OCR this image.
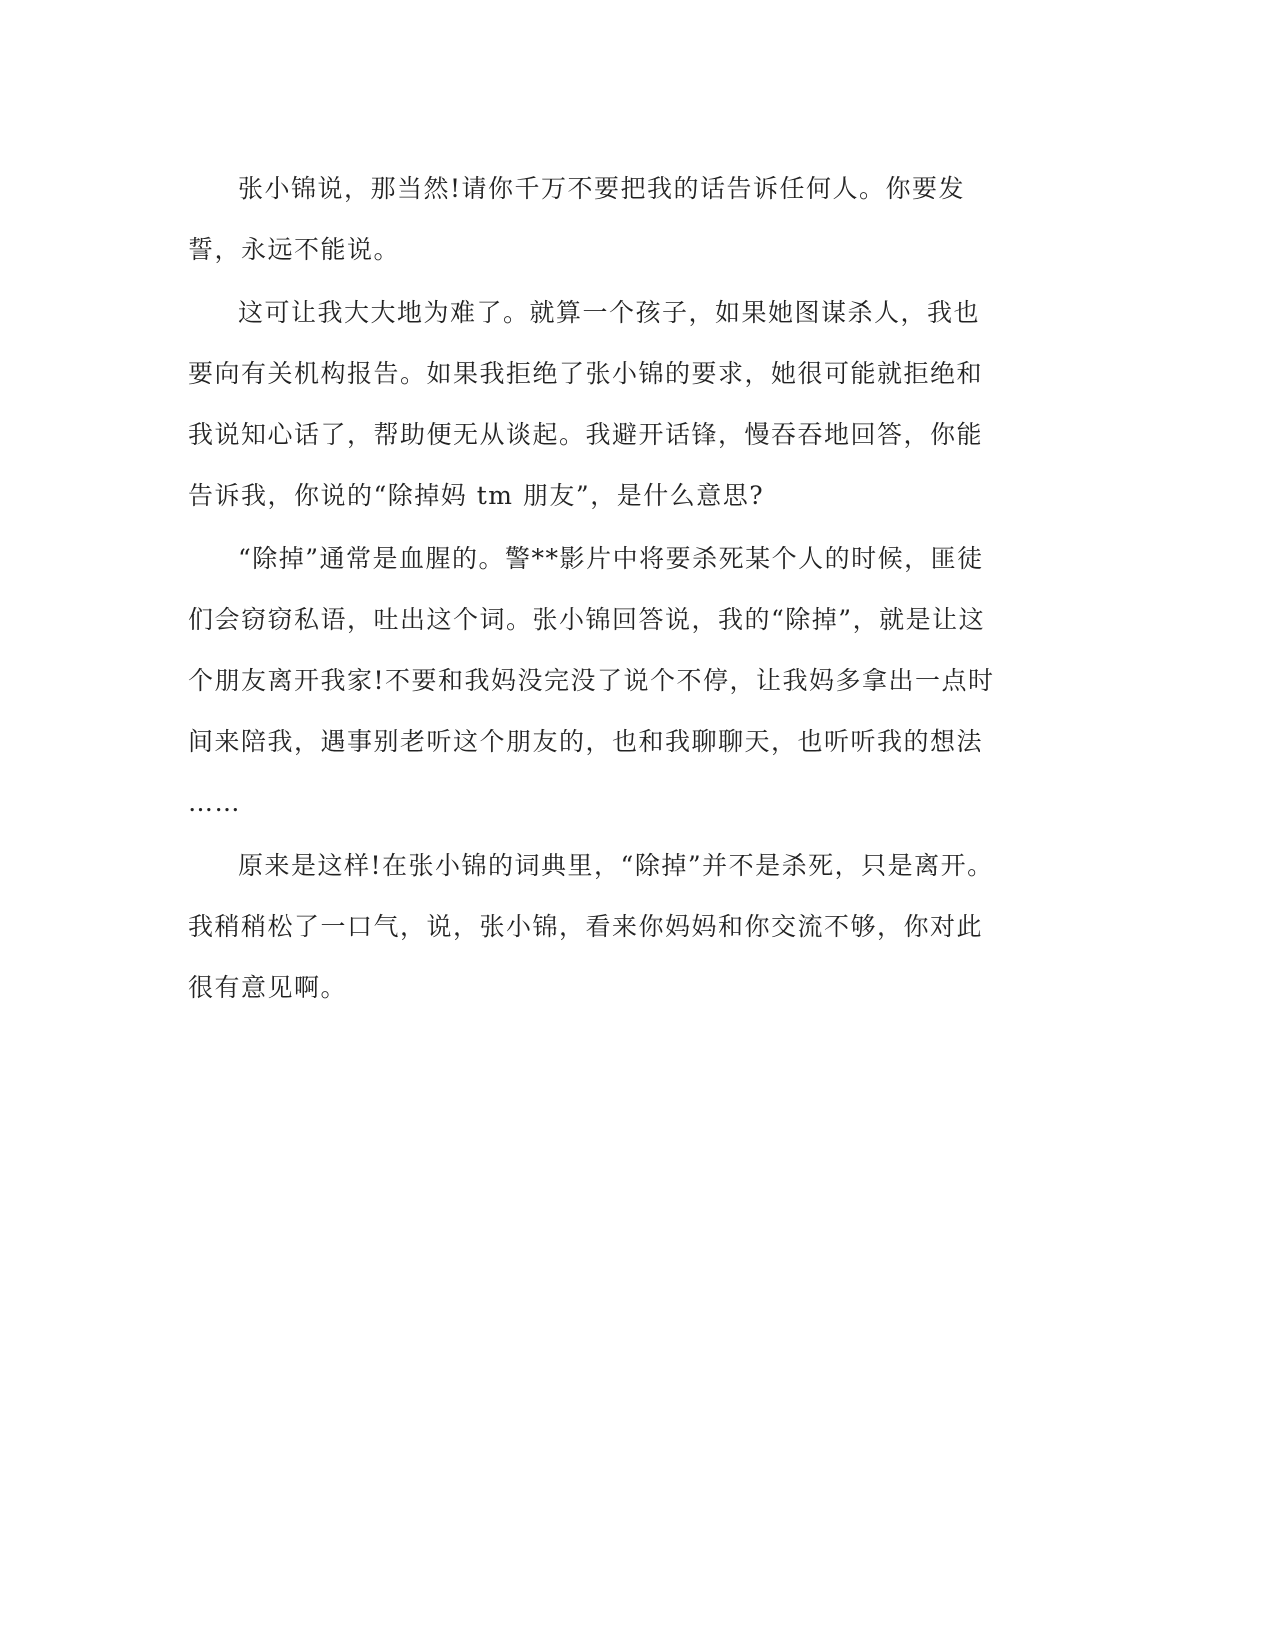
张小锦说，那当然!请你千万不要把我的话告诉任何人。你要发
誓，永远不能说。

这可让我大大地为难了。就算一个孩子，如果她图谋杀人，我也
要向有关机构报告。如果我拒绝了张小锦的要求，她很可能就拒绝和
我说知心话了，帮助便无从谈起。我避开话锋，慢吞吞地回答，你能
告诉我，你说的“除掉妈 tm 朋友”，是什么意思?

“除掉”通常是血腥的。警**影片中将要杀死某个人的时候，匪徒
们会窃窃私语，吐出这个词。张小锦回答说，我的“除掉”，就是让这
个朋友离开我家!不要和我妈没完没了说个不停，让我妈多拿出一点时
间来陪我，遇事别老听这个朋友的，也和我聊聊天，也听听我的想法
……

原来是这样!在张小锦的词典里，“除掉”并不是杀死，只是离开。
我稍稍松了一口气，说，张小锦，看来你妈妈和你交流不够，你对此
很有意见啊。
